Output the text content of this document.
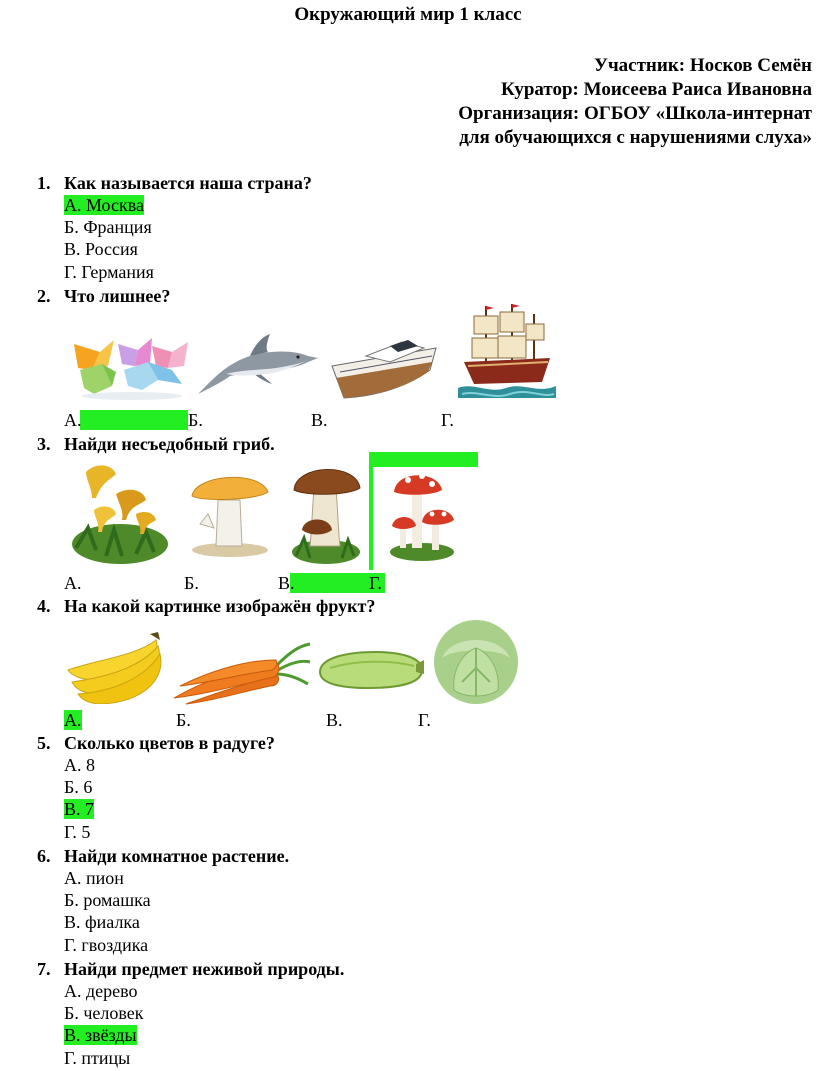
Окружающий мир 1 класс
Участник: Носков Семён
Куратор: Моисеева Раиса Ивановна
Организация: ОГБОУ «Школа-интернат
для обучающихся с нарушениями слуха»
1. Как называется наша страна?
А. Москва
Б. Франция
В. Россия
Г. Германия
2. Что лишнее?
А.	Б.	В.	Г.
3. Найди несъедобный гриб.
А.	Б.	В.	Г.
4. На какой картинке изображён фрукт?
А.	Б.	В.	Г.
5. Сколько цветов в радуге?
А. 8
Б. 6
В. 7
Г. 5
6. Найди комнатное растение.
А. пион
Б. ромашка
В. фиалка
Г. гвоздика
7. Найди предмет неживой природы.
А. дерево
Б. человек
В. звёзды
Г. птицы
